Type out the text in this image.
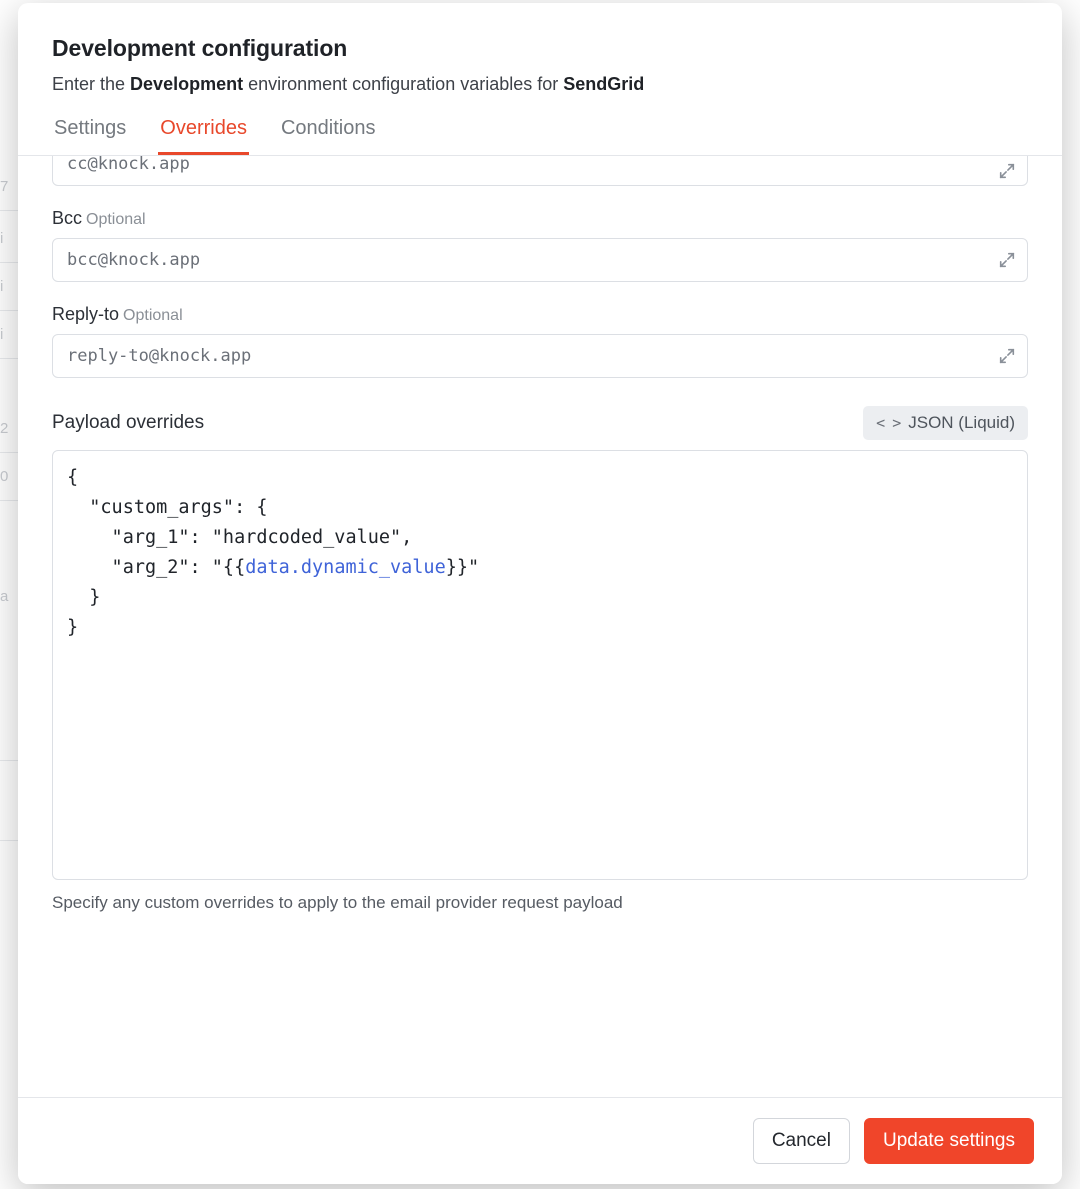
7
i
i
i
2
0
a
Development configuration

Enter the Development environment configuration variables for SendGrid

Settings Overrides Conditions
cc@knock.app
Bcc Optional
bcc@knock.app
Reply-to Optional
reply-to@knock.app
Payload overrides	< > JSON (Liquid)
{
"custom_args": {
"arg_1": "hardcoded_value",
"arg_2": "{{data.dynamic_value}}"
}
}
Specify any custom overrides to apply to the email provider request payload
Cancel	Update settings
